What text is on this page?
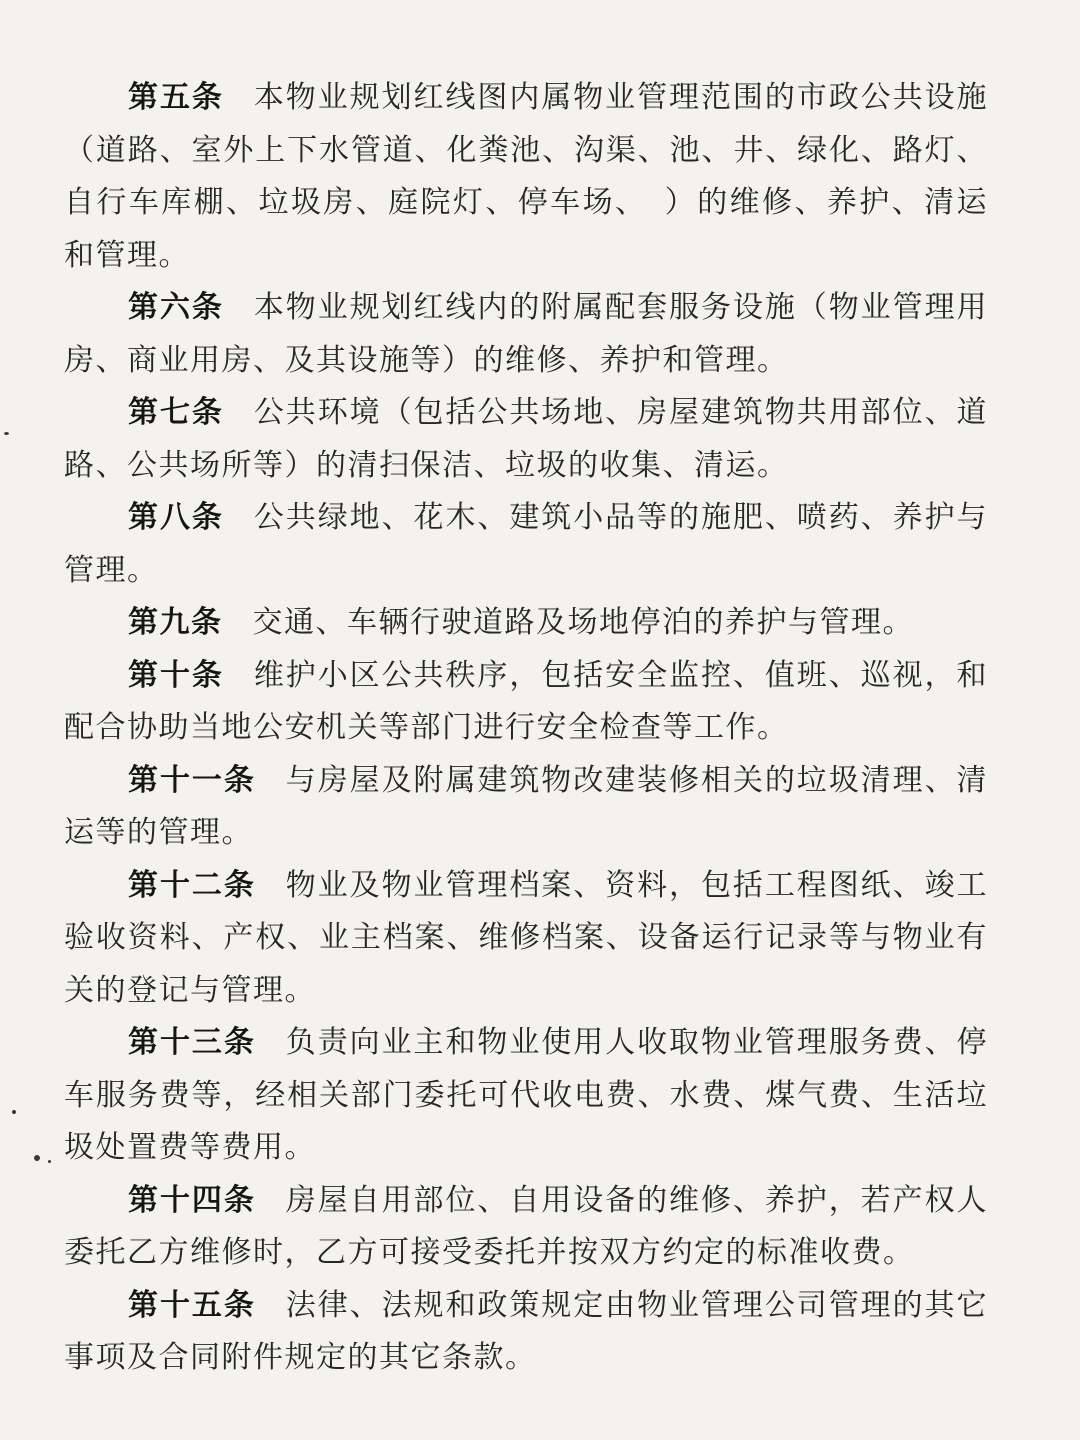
第五条 本物业规划红线图内属物业管理范围的市政公共设施（道路、室外上下水管道、化粪池、沟渠、池、井、绿化、路灯、自行车库棚、垃圾房、庭院灯、停车场、　）的维修、养护、清运和管理。

第六条 本物业规划红线内的附属配套服务设施（物业管理用房、商业用房、及其设施等）的维修、养护和管理。

第七条 公共环境（包括公共场地、房屋建筑物共用部位、道路、公共场所等）的清扫保洁、垃圾的收集、清运。

第八条 公共绿地、花木、建筑小品等的施肥、喷药、养护与管理。

第九条 交通、车辆行驶道路及场地停泊的养护与管理。

第十条 维护小区公共秩序，包括安全监控、值班、巡视，和配合协助当地公安机关等部门进行安全检查等工作。

第十一条 与房屋及附属建筑物改建装修相关的垃圾清理、清运等的管理。

第十二条 物业及物业管理档案、资料，包括工程图纸、竣工验收资料、产权、业主档案、维修档案、设备运行记录等与物业有关的登记与管理。

第十三条 负责向业主和物业使用人收取物业管理服务费、停车服务费等，经相关部门委托可代收电费、水费、煤气费、生活垃圾处置费等费用。

第十四条 房屋自用部位、自用设备的维修、养护，若产权人委托乙方维修时，乙方可接受委托并按双方约定的标准收费。

第十五条 法律、法规和政策规定由物业管理公司管理的其它事项及合同附件规定的其它条款。
